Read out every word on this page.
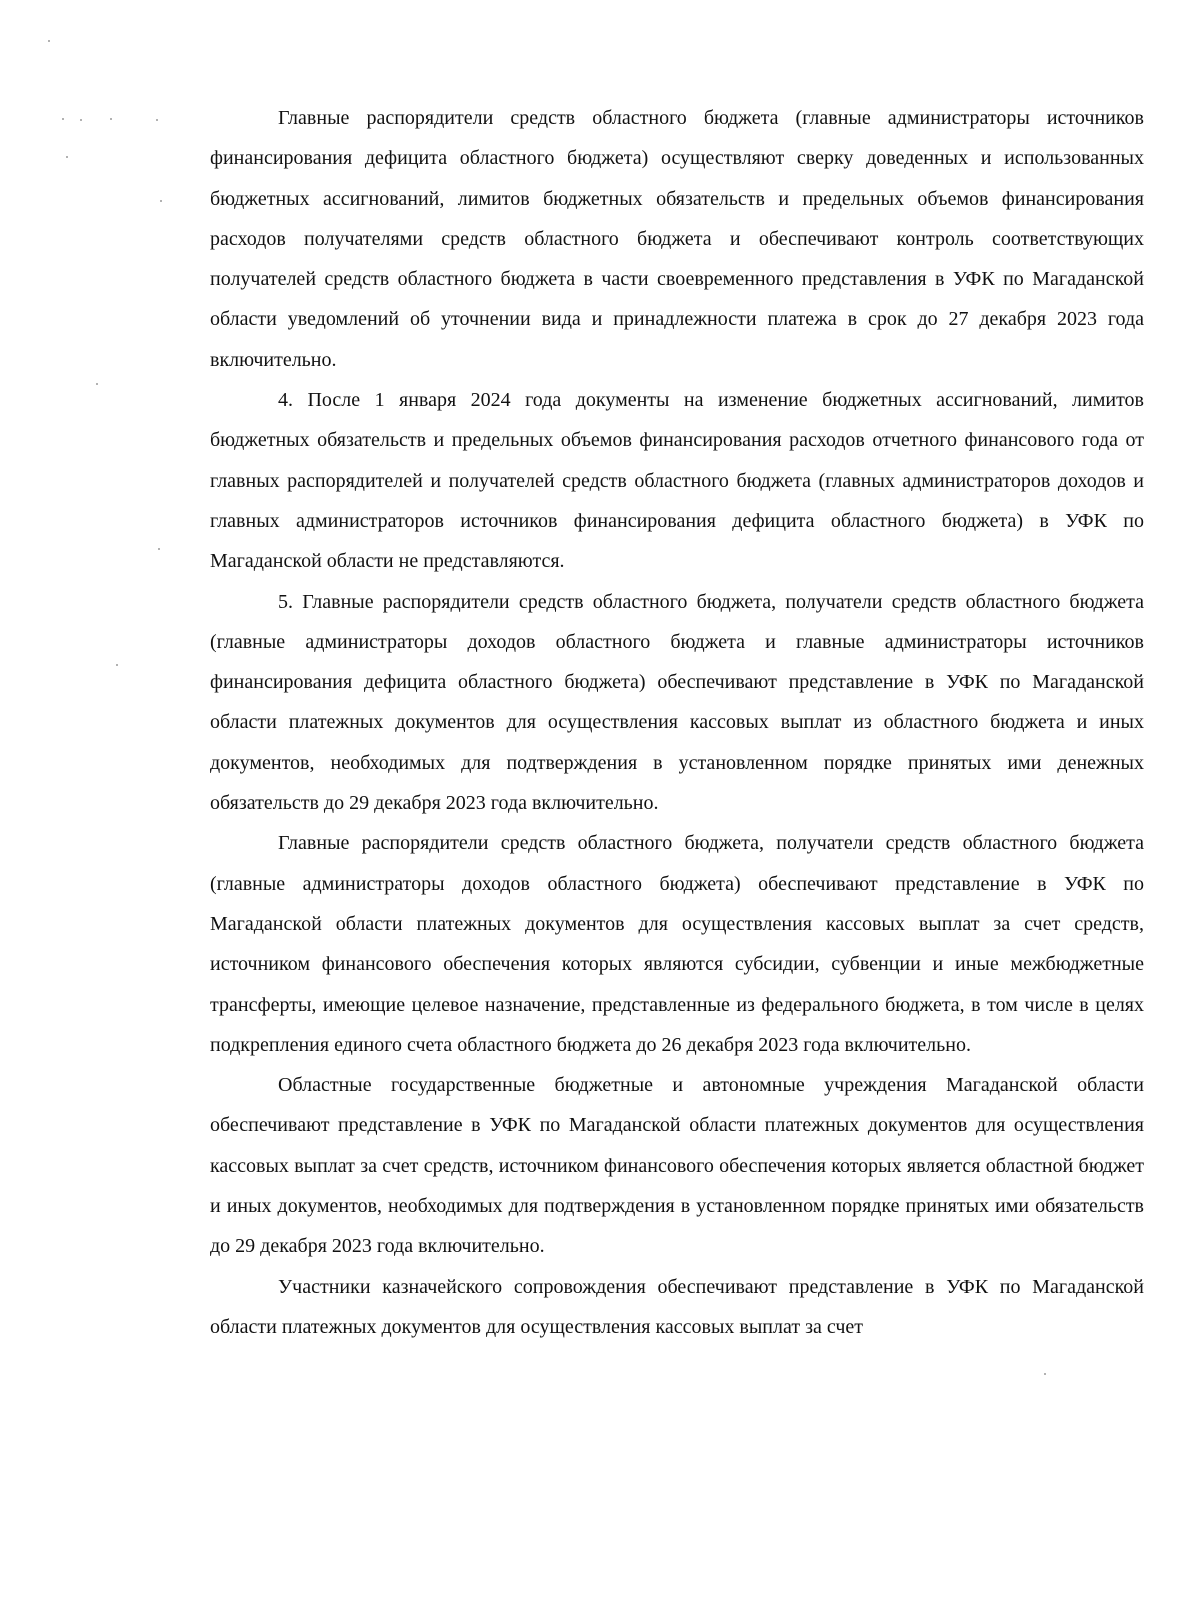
Главные распорядители средств областного бюджета (главные администраторы источников финансирования дефицита областного бюджета) осуществляют сверку доведенных и использованных бюджетных ассигнований, лимитов бюджетных обязательств и предельных объемов финансирования расходов получателями средств областного бюджета и обеспечивают контроль соответствующих получателей средств областного бюджета в части своевременного представления в УФК по Магаданской области уведомлений об уточнении вида и принадлежности платежа в срок до 27 декабря 2023 года включительно.

4. После 1 января 2024 года документы на изменение бюджетных ассигнований, лимитов бюджетных обязательств и предельных объемов финансирования расходов отчетного финансового года от главных распорядителей и получателей средств областного бюджета (главных администраторов доходов и главных администраторов источников финансирования дефицита областного бюджета) в УФК по Магаданской области не представляются.

5. Главные распорядители средств областного бюджета, получатели средств областного бюджета (главные администраторы доходов областного бюджета и главные администраторы источников финансирования дефицита областного бюджета) обеспечивают представление в УФК по Магаданской области платежных документов для осуществления кассовых выплат из областного бюджета и иных документов, необходимых для подтверждения в установленном порядке принятых ими денежных обязательств до 29 декабря 2023 года включительно.

Главные распорядители средств областного бюджета, получатели средств областного бюджета (главные администраторы доходов областного бюджета) обеспечивают представление в УФК по Магаданской области платежных документов для осуществления кассовых выплат за счет средств, источником финансового обеспечения которых являются субсидии, субвенции и иные межбюджетные трансферты, имеющие целевое назначение, представленные из федерального бюджета, в том числе в целях подкрепления единого счета областного бюджета до 26 декабря 2023 года включительно.

Областные государственные бюджетные и автономные учреждения Магаданской области обеспечивают представление в УФК по Магаданской области платежных документов для осуществления кассовых выплат за счет средств, источником финансового обеспечения которых является областной бюджет и иных документов, необходимых для подтверждения в установленном порядке принятых ими обязательств до 29 декабря 2023 года включительно.

Участники казначейского сопровождения обеспечивают представление в УФК по Магаданской области платежных документов для осуществления кассовых выплат за счет
